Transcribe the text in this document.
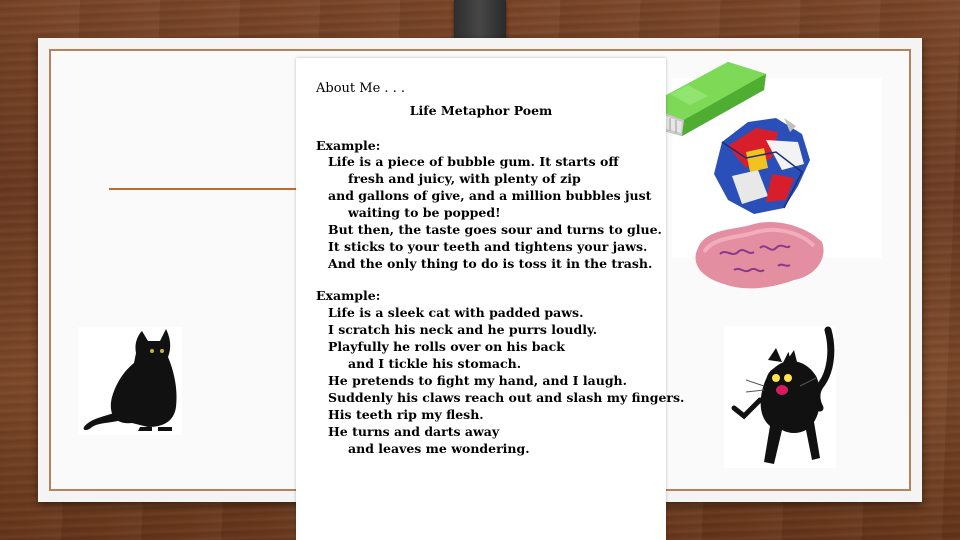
About Me . . .
Life Metaphor Poem
Example:
Life is a piece of bubble gum. It starts off
fresh and juicy, with plenty of zip
and gallons of give, and a million bubbles just
waiting to be popped!
But then, the taste goes sour and turns to glue.
It sticks to your teeth and tightens your jaws.
And the only thing to do is toss it in the trash.
Example:
Life is a sleek cat with padded paws.
I scratch his neck and he purrs loudly.
Playfully he rolls over on his back
and I tickle his stomach.
He pretends to fight my hand, and I laugh.
Suddenly his claws reach out and slash my fingers.
His teeth rip my flesh.
He turns and darts away
and leaves me wondering.
